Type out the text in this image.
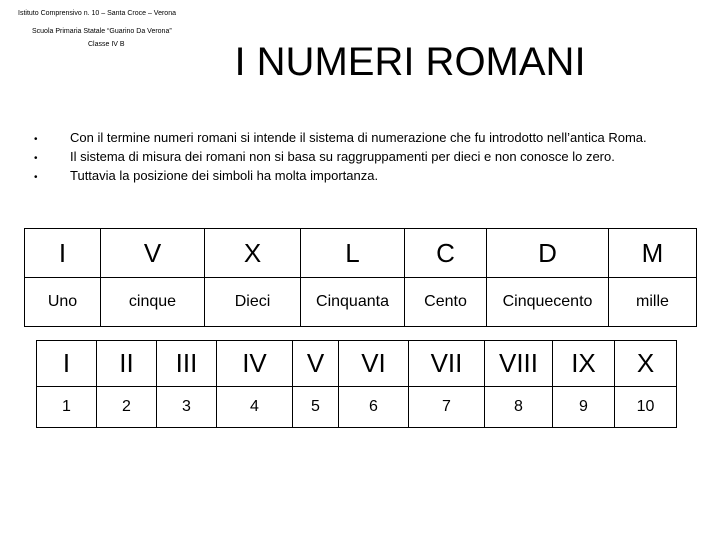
Istituto Comprensivo n. 10 – Santa Croce – Verona
Scuola Primaria Statale “Guarino Da Verona”
Classe IV B	I NUMERI ROMANI
• Con il termine numeri romani si intende il sistema di numerazione che fu introdotto nell’antica Roma.
• Il sistema di misura dei romani non si basa su raggruppamenti per dieci e non conosce lo zero.
• Tuttavia la posizione dei simboli ha molta importanza.
I	V	X	L	C	D	M
Uno	cinque	Dieci	Cinquanta	Cento	Cinquecento	mille
I	II	III	IV	V	VI	VII	VIII	IX	X
1	2	3	4	5	6	7	8	9	10
